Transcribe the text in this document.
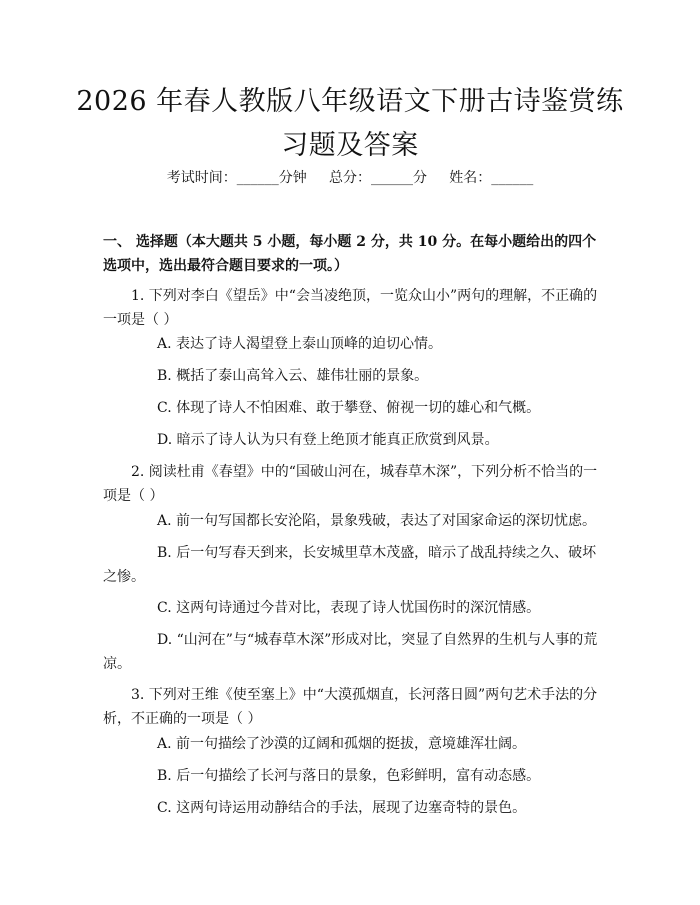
2026 年春人教版八年级语文下册古诗鉴赏练
习题及答案
考试时间：______分钟     总分：______分     姓名：______
一、 选择题（本大题共 5 小题，每小题 2 分，共 10 分。在每小题给出的四个选项中，选出最符合题目要求的一项。）
1. 下列对李白《望岳》中“会当凌绝顶，一览众山小”两句的理解，不正确的一项是（ ）
A. 表达了诗人渴望登上泰山顶峰的迫切心情。
B. 概括了泰山高耸入云、雄伟壮丽的景象。
C. 体现了诗人不怕困难、敢于攀登、俯视一切的雄心和气概。
D. 暗示了诗人认为只有登上绝顶才能真正欣赏到风景。
2. 阅读杜甫《春望》中的“国破山河在，城春草木深”，下列分析不恰当的一项是（ ）
A. 前一句写国都长安沦陷，景象残破，表达了对国家命运的深切忧虑。
B. 后一句写春天到来，长安城里草木茂盛，暗示了战乱持续之久、破坏之惨。
C. 这两句诗通过今昔对比，表现了诗人忧国伤时的深沉情感。
D. “山河在”与“城春草木深”形成对比，突显了自然界的生机与人事的荒凉。
3. 下列对王维《使至塞上》中“大漠孤烟直，长河落日圆”两句艺术手法的分析，不正确的一项是（ ）
A. 前一句描绘了沙漠的辽阔和孤烟的挺拔，意境雄浑壮阔。
B. 后一句描绘了长河与落日的景象，色彩鲜明，富有动态感。
C. 这两句诗运用动静结合的手法，展现了边塞奇特的景色。
